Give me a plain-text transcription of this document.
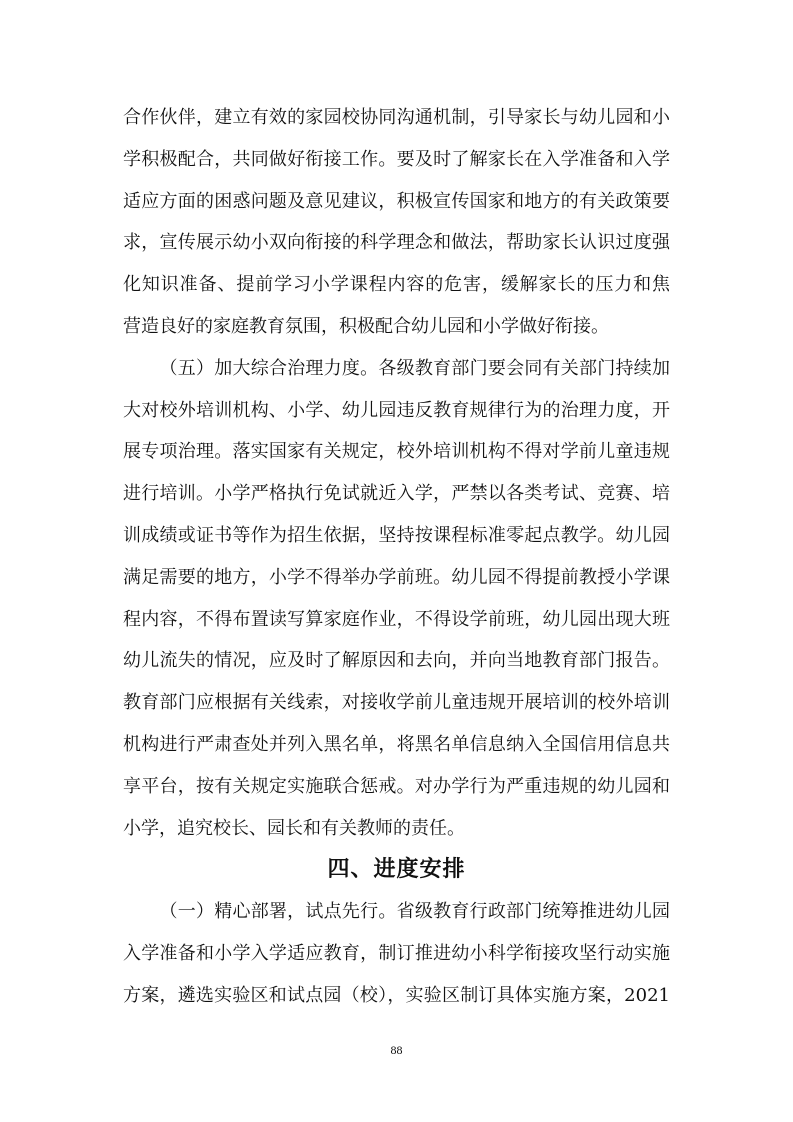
合作伙伴，建立有效的家园校协同沟通机制，引导家长与幼儿园和小
学积极配合，共同做好衔接工作。要及时了解家长在入学准备和入学
适应方面的困惑问题及意见建议，积极宣传国家和地方的有关政策要
求，宣传展示幼小双向衔接的科学理念和做法，帮助家长认识过度强
化知识准备、提前学习小学课程内容的危害，缓解家长的压力和焦
营造良好的家庭教育氛围，积极配合幼儿园和小学做好衔接。
（五）加大综合治理力度。各级教育部门要会同有关部门持续加
大对校外培训机构、小学、幼儿园违反教育规律行为的治理力度，开
展专项治理。落实国家有关规定，校外培训机构不得对学前儿童违规
进行培训。小学严格执行免试就近入学，严禁以各类考试、竞赛、培
训成绩或证书等作为招生依据，坚持按课程标准零起点教学。幼儿园
满足需要的地方，小学不得举办学前班。幼儿园不得提前教授小学课
程内容，不得布置读写算家庭作业，不得设学前班，幼儿园出现大班
幼儿流失的情况，应及时了解原因和去向，并向当地教育部门报告。
教育部门应根据有关线索，对接收学前儿童违规开展培训的校外培训
机构进行严肃查处并列入黑名单，将黑名单信息纳入全国信用信息共
享平台，按有关规定实施联合惩戒。对办学行为严重违规的幼儿园和
小学，追究校长、园长和有关教师的责任。
四、进度安排
（一）精心部署，试点先行。省级教育行政部门统筹推进幼儿园
入学准备和小学入学适应教育，制订推进幼小科学衔接攻坚行动实施
方案，遴选实验区和试点园（校），实验区制订具体实施方案，2021
88
